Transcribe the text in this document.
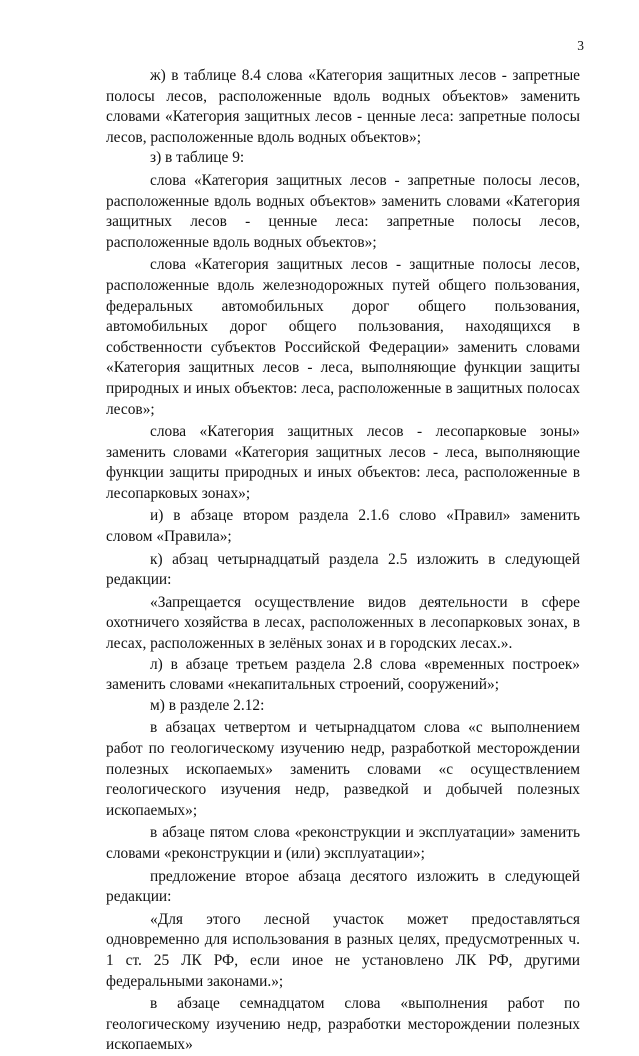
3

ж) в таблице 8.4 слова «Категория защитных лесов - запретные полосы лесов, расположенные вдоль водных объектов» заменить словами «Категория защитных лесов - ценные леса: запретные полосы лесов, расположенные вдоль водных объектов»;

з) в таблице 9:

слова «Категория защитных лесов - запретные полосы лесов, расположенные вдоль водных объектов» заменить словами «Категория защитных лесов - ценные леса: запретные полосы лесов, расположенные вдоль водных объектов»;

слова «Категория защитных лесов - защитные полосы лесов, расположенные вдоль железнодорожных путей общего пользования, федеральных автомобильных дорог общего пользования, автомобильных дорог общего пользования, находящихся в собственности субъектов Российской Федерации» заменить словами «Категория защитных лесов - леса, выполняющие функции защиты природных и иных объектов: леса, расположенные в защитных полосах лесов»;

слова «Категория защитных лесов - лесопарковые зоны» заменить словами «Категория защитных лесов - леса, выполняющие функции защиты природных и иных объектов: леса, расположенные в лесопарковых зонах»;

и) в абзаце втором раздела 2.1.6 слово «Правил» заменить словом «Правила»;

к) абзац четырнадцатый раздела 2.5 изложить в следующей редакции:

«Запрещается осуществление видов деятельности в сфере охотничего хозяйства в лесах, расположенных в лесопарковых зонах, в лесах, расположенных в зелёных зонах и в городских лесах.».

л) в абзаце третьем раздела 2.8 слова «временных построек» заменить словами «некапитальных строений, сооружений»;

м) в разделе 2.12:

в абзацах четвертом и четырнадцатом слова «с выполнением работ по геологическому изучению недр, разработкой месторождении полезных ископаемых» заменить словами «с осуществлением геологического изучения недр, разведкой и добычей полезных ископаемых»;

в абзаце пятом слова «реконструкции и эксплуатации» заменить словами «реконструкции и (или) эксплуатации»;

предложение второе абзаца десятого изложить в следующей редакции:

«Для этого лесной участок может предоставляться одновременно для использования в разных целях, предусмотренных ч. 1 ст. 25 ЛК РФ, если иное не установлено ЛК РФ, другими федеральными законами.»;

в абзаце семнадцатом слова «выполнения работ по геологическому изучению недр, разработки месторождении полезных ископаемых»
